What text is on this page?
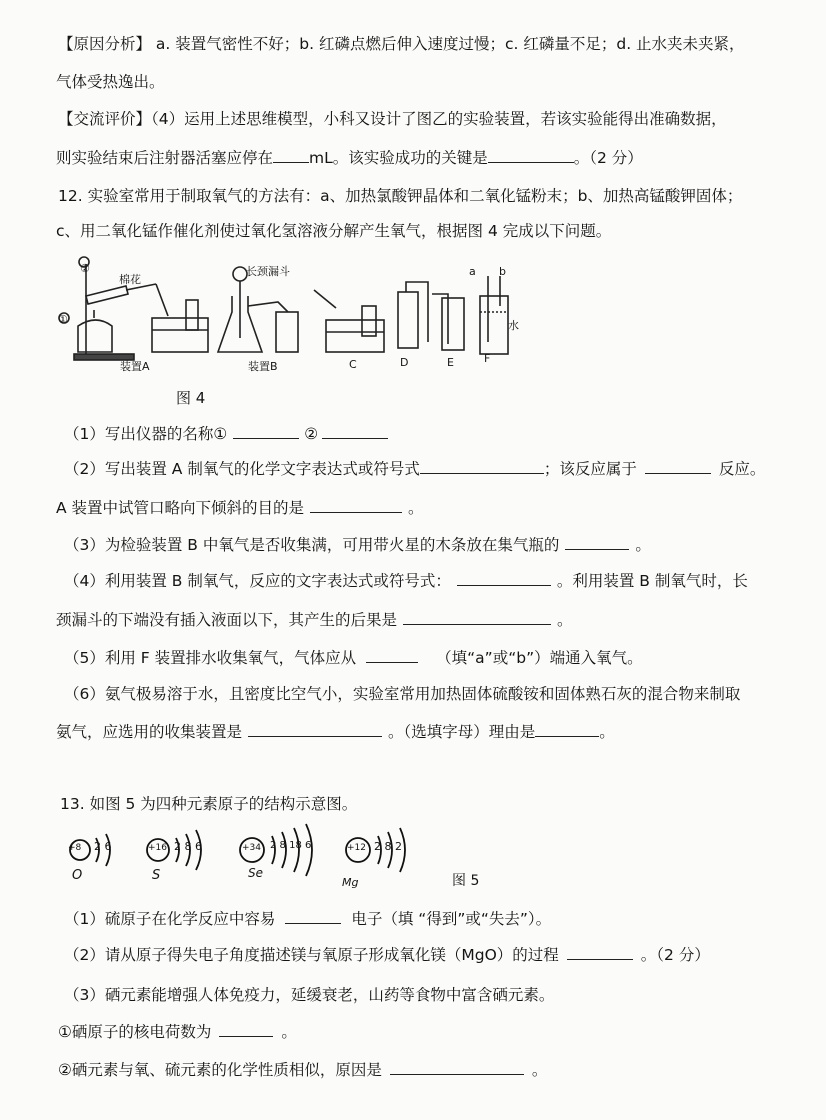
【原因分析】 a. 装置气密性不好；b. 红磷点燃后伸入速度过慢；c. 红磷量不足；d. 止水夹未夹紧，
气体受热逸出。
【交流评价】（4）运用上述思维模型，小科又设计了图乙的实验装置，若该实验能得出准确数据，
则实验结束后注射器活塞应停在 mL。该实验成功的关键是	。（2 分）
12. 实验室常用于制取氧气的方法有：a、加热氯酸钾晶体和二氧化锰粉末；b、加热高锰酸钾固体；
c、用二氧化锰作催化剂使过氧化氢溶液分解产生氧气，根据图 4 完成以下问题。
棉花
长颈漏斗
水
a b
装置A	装置B	C	D	E	F
①
②
图 4
（1）写出仪器的名称①	②
（2）写出装置 A 制氧气的化学文字表达式或符号式	；该反应属于	反应。
A 装置中试管口略向下倾斜的目的是	。
（3）为检验装置 B 中氧气是否收集满，可用带火星的木条放在集气瓶的	。
（4）利用装置 B 制氧气，反应的文字表达式或符号式：	。利用装置 B 制氧气时，长
颈漏斗的下端没有插入液面以下，其产生的后果是	。
（5）利用 F 装置排水收集氧气，气体应从	（填“a”或“b”）端通入氧气。
（6）氨气极易溶于水，且密度比空气小，实验室常用加热固体硫酸铵和固体熟石灰的混合物来制取
氨气，应选用的收集装置是	。（选填字母）理由是	。
13. 如图 5 为四种元素原子的结构示意图。
+8 2 6	+16 2 8 6	+34 2 8 18 6	+12 2 8 2
O	S	Se
Mg	图 5
（1）硫原子在化学反应中容易	电子（填 “得到”或“失去”）。
（2）请从原子得失电子角度描述镁与氧原子形成氧化镁（MgO）的过程	。（2 分）
（3）硒元素能增强人体免疫力，延缓衰老，山药等食物中富含硒元素。
①硒原子的核电荷数为	。
②硒元素与氧、硫元素的化学性质相似，原因是	。
